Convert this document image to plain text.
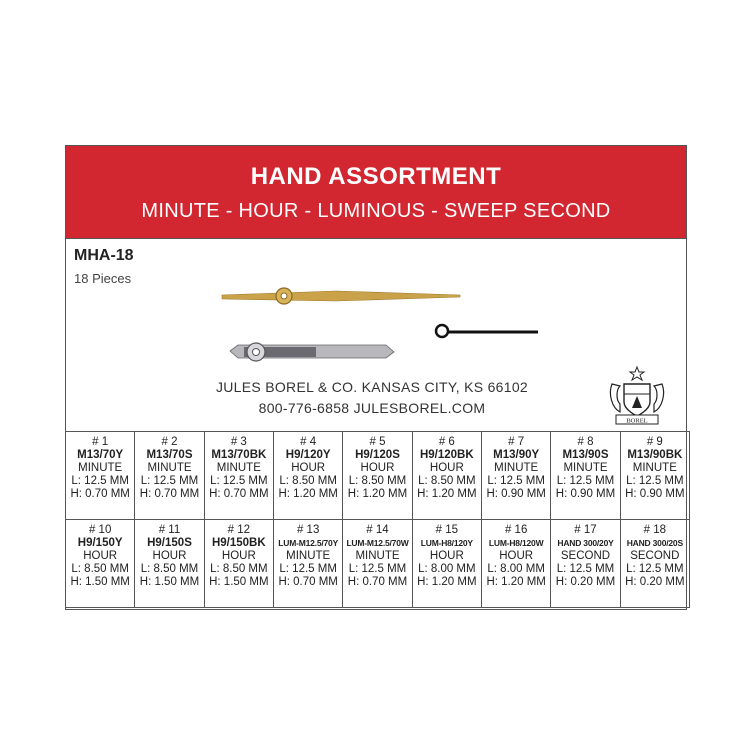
HAND ASSORTMENT
MINUTE - HOUR - LUMINOUS - SWEEP SECOND
MHA-18
18 Pieces
JULES BOREL & CO. KANSAS CITY, KS 66102
800-776-6858 JULESBOREL.COM
BOREL
# 1
M13/70Y
MINUTE
L: 12.5 MM
H: 0.70 MM
# 2
M13/70S
MINUTE
L: 12.5 MM
H: 0.70 MM
# 3
M13/70BK
MINUTE
L: 12.5 MM
H: 0.70 MM
# 4
H9/120Y
HOUR
L: 8.50 MM
H: 1.20 MM
# 5
H9/120S
HOUR
L: 8.50 MM
H: 1.20 MM
# 6
H9/120BK
HOUR
L: 8.50 MM
H: 1.20 MM
# 7
M13/90Y
MINUTE
L: 12.5 MM
H: 0.90 MM
# 8
M13/90S
MINUTE
L: 12.5 MM
H: 0.90 MM
# 9
M13/90BK
MINUTE
L: 12.5 MM
H: 0.90 MM
# 10
H9/150Y
HOUR
L: 8.50 MM
H: 1.50 MM
# 11
H9/150S
HOUR
L: 8.50 MM
H: 1.50 MM
# 12
H9/150BK
HOUR
L: 8.50 MM
H: 1.50 MM
# 13
LUM-M12.5/70Y
MINUTE
L: 12.5 MM
H: 0.70 MM
# 14
LUM-M12.5/70W
MINUTE
L: 12.5 MM
H: 0.70 MM
# 15
LUM-H8/120Y
HOUR
L: 8.00 MM
H: 1.20 MM
# 16
LUM-H8/120W
HOUR
L: 8.00 MM
H: 1.20 MM
# 17
HAND 300/20Y
SECOND
L: 12.5 MM
H: 0.20 MM
# 18
HAND 300/20S
SECOND
L: 12.5 MM
H: 0.20 MM
